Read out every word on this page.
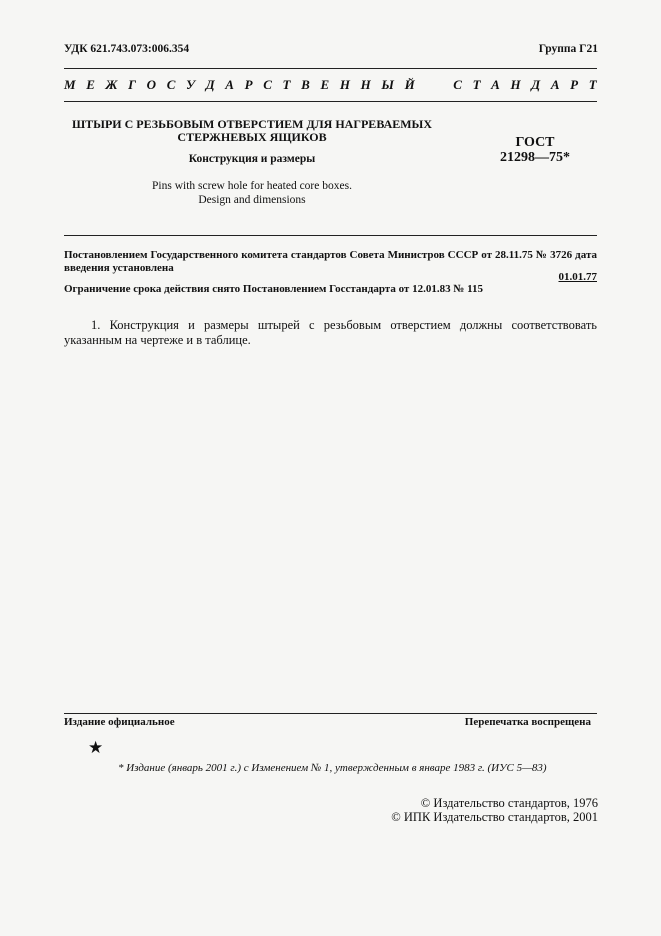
УДК 621.743.073:006.354	Группа Г21
М Е Ж Г О С У Д А Р С Т В Е Н Н Ы Й

	С Т А Н Д А Р Т
ШТЫРИ С РЕЗЬБОВЫМ ОТВЕРСТИЕМ ДЛЯ НАГРЕВАЕМЫХ
СТЕРЖНЕВЫХ ЯЩИКОВ
Конструкция и размеры
Pins with screw hole for heated core boxes.
Design and dimensions
ГОСТ
21298—75*
Постановлением Государственного комитета стандартов Совета Министров СССР от 28.11.75 № 3726 дата
введения установлена
01.01.77
Ограничение срока действия снято Постановлением Госстандарта от 12.01.83 № 115
1. Конструкция и размеры штырей с резьбовым отверстием должны соответствовать указанным на чертеже и в таблице.
Издание официальное	Перепечатка воспрещена
★
* Издание (январь 2001 г.) с Изменением № 1, утвержденным в январе 1983 г. (ИУС 5—83)
© Издательство стандартов, 1976
© ИПК Издательство стандартов, 2001
